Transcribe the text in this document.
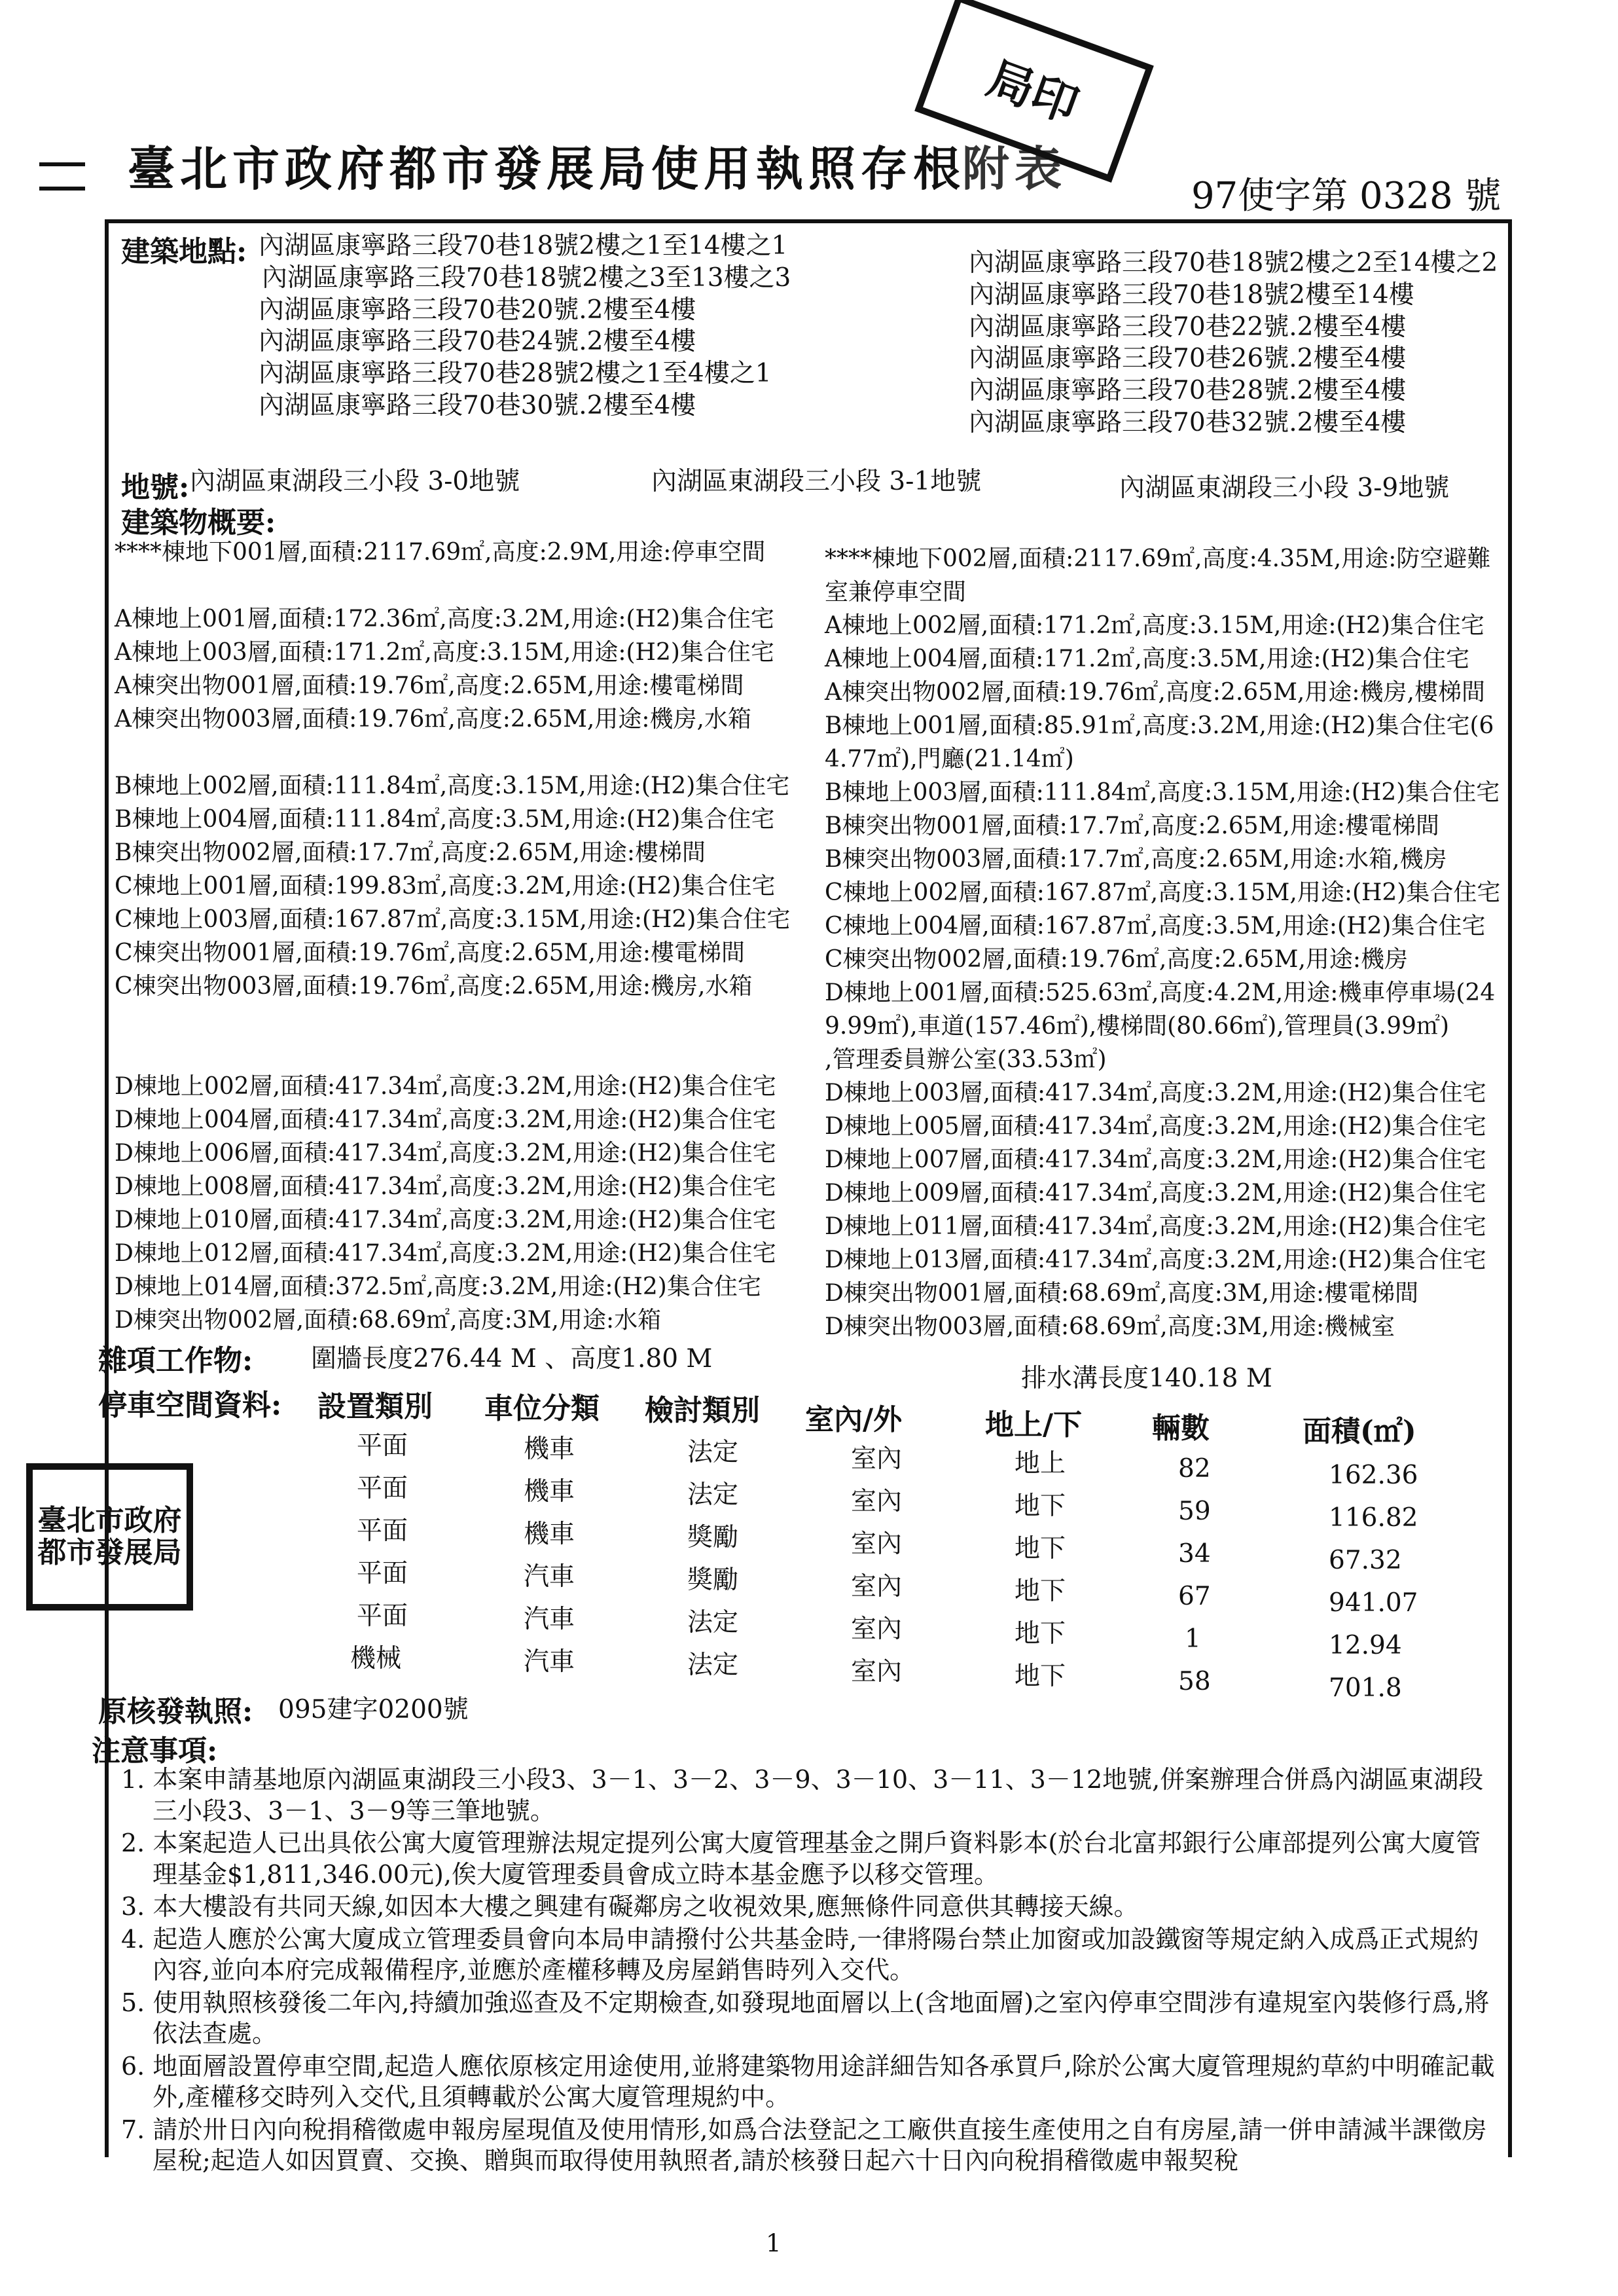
臺北市政府都市發展局使用執照存根
附表	97使字第 0328 號
局印
建築地點: 內湖區康寧路三段70巷18號2樓之1至14樓之1
內湖區康寧路三段70巷18號2樓之3至13樓之3
內湖區康寧路三段70巷20號.2樓至4樓
內湖區康寧路三段70巷24號.2樓至4樓
內湖區康寧路三段70巷28號2樓之1至4樓之1
內湖區康寧路三段70巷30號.2樓至4樓
內湖區康寧路三段70巷18號2樓之2至14樓之2
內湖區康寧路三段70巷18號2樓至14樓
內湖區康寧路三段70巷22號.2樓至4樓
內湖區康寧路三段70巷26號.2樓至4樓
內湖區康寧路三段70巷28號.2樓至4樓
內湖區康寧路三段70巷32號.2樓至4樓
地號: 內湖區東湖段三小段 3-0地號	內湖區東湖段三小段 3-1地號	內湖區東湖段三小段 3-9地號
建築物概要:
****棟地下001層,面積:2117.69㎡,高度:2.9M,用途:停車空間

A棟地上001層,面積:172.36㎡,高度:3.2M,用途:(H2)集合住宅
A棟地上003層,面積:171.2㎡,高度:3.15M,用途:(H2)集合住宅
A棟突出物001層,面積:19.76㎡,高度:2.65M,用途:樓電梯間
A棟突出物003層,面積:19.76㎡,高度:2.65M,用途:機房,水箱

B棟地上002層,面積:111.84㎡,高度:3.15M,用途:(H2)集合住宅
B棟地上004層,面積:111.84㎡,高度:3.5M,用途:(H2)集合住宅
B棟突出物002層,面積:17.7㎡,高度:2.65M,用途:樓梯間
C棟地上001層,面積:199.83㎡,高度:3.2M,用途:(H2)集合住宅
C棟地上003層,面積:167.87㎡,高度:3.15M,用途:(H2)集合住宅
C棟突出物001層,面積:19.76㎡,高度:2.65M,用途:樓電梯間
C棟突出物003層,面積:19.76㎡,高度:2.65M,用途:機房,水箱

D棟地上002層,面積:417.34㎡,高度:3.2M,用途:(H2)集合住宅
D棟地上004層,面積:417.34㎡,高度:3.2M,用途:(H2)集合住宅
D棟地上006層,面積:417.34㎡,高度:3.2M,用途:(H2)集合住宅
D棟地上008層,面積:417.34㎡,高度:3.2M,用途:(H2)集合住宅
D棟地上010層,面積:417.34㎡,高度:3.2M,用途:(H2)集合住宅
D棟地上012層,面積:417.34㎡,高度:3.2M,用途:(H2)集合住宅
D棟地上014層,面積:372.5㎡,高度:3.2M,用途:(H2)集合住宅
D棟突出物002層,面積:68.69㎡,高度:3M,用途:水箱
****棟地下002層,面積:2117.69㎡,高度:4.35M,用途:防空避難
室兼停車空間
A棟地上002層,面積:171.2㎡,高度:3.15M,用途:(H2)集合住宅
A棟地上004層,面積:171.2㎡,高度:3.5M,用途:(H2)集合住宅
A棟突出物002層,面積:19.76㎡,高度:2.65M,用途:機房,樓梯間
B棟地上001層,面積:85.91㎡,高度:3.2M,用途:(H2)集合住宅(6
4.77㎡),門廳(21.14㎡)
B棟地上003層,面積:111.84㎡,高度:3.15M,用途:(H2)集合住宅
B棟突出物001層,面積:17.7㎡,高度:2.65M,用途:樓電梯間
B棟突出物003層,面積:17.7㎡,高度:2.65M,用途:水箱,機房
C棟地上002層,面積:167.87㎡,高度:3.15M,用途:(H2)集合住宅
C棟地上004層,面積:167.87㎡,高度:3.5M,用途:(H2)集合住宅
C棟突出物002層,面積:19.76㎡,高度:2.65M,用途:機房
D棟地上001層,面積:525.63㎡,高度:4.2M,用途:機車停車場(24
9.99㎡),車道(157.46㎡),樓梯間(80.66㎡),管理員(3.99㎡)
,管理委員辦公室(33.53㎡)
D棟地上003層,面積:417.34㎡,高度:3.2M,用途:(H2)集合住宅
D棟地上005層,面積:417.34㎡,高度:3.2M,用途:(H2)集合住宅
D棟地上007層,面積:417.34㎡,高度:3.2M,用途:(H2)集合住宅
D棟地上009層,面積:417.34㎡,高度:3.2M,用途:(H2)集合住宅
D棟地上011層,面積:417.34㎡,高度:3.2M,用途:(H2)集合住宅
D棟地上013層,面積:417.34㎡,高度:3.2M,用途:(H2)集合住宅
D棟突出物001層,面積:68.69㎡,高度:3M,用途:樓電梯間
D棟突出物003層,面積:68.69㎡,高度:3M,用途:機械室
雜項工作物: 圍牆長度276.44 M 、高度1.80 M
排水溝長度140.18 M
停車空間資料: 設置類別 車位分類 檢討類別 室內/外	地上/下 輛數	面積(㎡)
平面	機車	法定	室內	地上	82	162.36
平面	機車	法定	室內	地下	59	116.82
平面	機車	獎勵	室內	地下	34	67.32
平面	汽車	獎勵	室內	地下	67	941.07
平面	汽車	法定	室內	地下	1	12.94
機械	汽車	法定	室內	地下	58	701.8
臺北市政府都市發展局
原核發執照: 095建字0200號
注意事項:
1. 本案申請基地原內湖區東湖段三小段3、3－1、3－2、3－9、3－10、3－11、3－12地號,併案辦理合併爲內湖區東湖段三小段3、3－1、3－9等三筆地號。
2. 本案起造人已出具依公寓大廈管理辦法規定提列公寓大廈管理基金之開戶資料影本(於台北富邦銀行公庫部提列公寓大廈管理基金$1,811,346.00元),俟大廈管理委員會成立時本基金應予以移交管理。
3. 本大樓設有共同天線,如因本大樓之興建有礙鄰房之收視效果,應無條件同意供其轉接天線。
4. 起造人應於公寓大廈成立管理委員會向本局申請撥付公共基金時,一律將陽台禁止加窗或加設鐵窗等規定納入成爲正式規約內容,並向本府完成報備程序,並應於產權移轉及房屋銷售時列入交代。
5. 使用執照核發後二年內,持續加強巡查及不定期檢查,如發現地面層以上(含地面層)之室內停車空間涉有違規室內裝修行爲,將依法查處。
6. 地面層設置停車空間,起造人應依原核定用途使用,並將建築物用途詳細告知各承買戶,除於公寓大廈管理規約草約中明確記載外,產權移交時列入交代,且須轉載於公寓大廈管理規約中。
7. 請於卅日內向稅捐稽徵處申報房屋現值及使用情形,如爲合法登記之工廠供直接生產使用之自有房屋,請一併申請減半課徵房屋稅;起造人如因買賣、交換、贈與而取得使用執照者,請於核發日起六十日內向稅捐稽徵處申報契稅
1
